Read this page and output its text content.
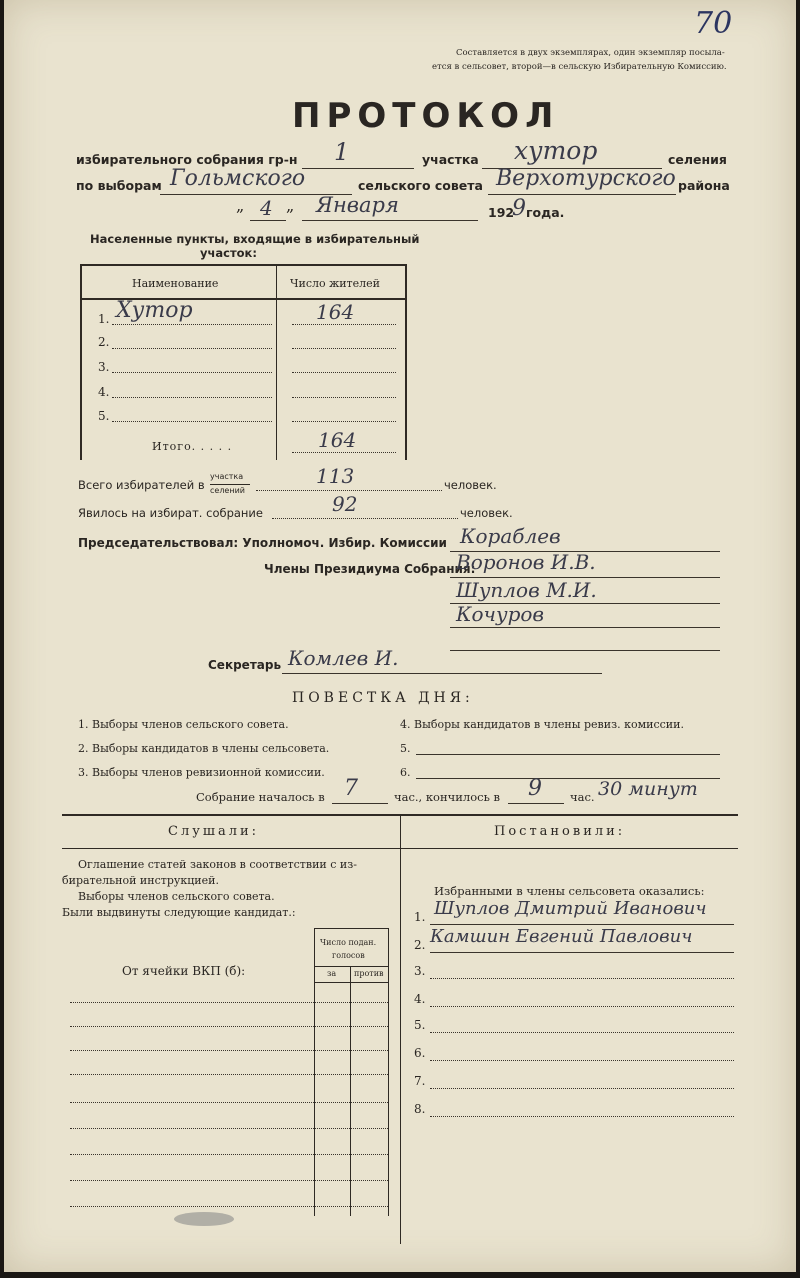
Составляется в двух экземплярах, один экземпляр посыла-
ется в сельсовет, второй—в сельскую Избирательную Комиссию.
70
ПРОТОКОЛ
избирательного собрания гр-н 1	участка хутор	селения
по выборам Гольмского	сельского совета Верхотурского района
„ 4 „ Января	192
9 года.
Населенные пункты, входящие в избирательный
участок:
Наименование	Число жителей
1. Хутор	164
2.
3.
4.
5.
Итого. . . . .	164
Всего избирателей в
участка
селений
113	человек.
Явилось на избират. собрание	92	человек.
Председательствовал: Уполномоч. Избир. Комиссии Кораблев
Члены Президиума Собрания:
Воронов И.В.
Шуплов М.И.
Кочуров
Секретарь Комлев И.
ПОВЕСТКА ДНЯ:
1. Выборы членов сельского совета.
2. Выборы кандидатов в члены сельсовета.
3. Выборы членов ревизионной комиссии.
4. Выборы кандидатов в члены ревиз. комиссии.
5.
6.
Собрание началось в 7	час., кончилось в 9 час. 30 минут
Слушали:	Постановили:
Оглашение статей законов в соответствии с из-
бирательной инструкцией.
Выборы членов сельского совета.
Были выдвинуты следующие кандидат.:
Число подан.
голосов
за против
От ячейки ВКП (б):
Избранными в члены сельсовета оказались:
1. Шуплов Дмитрий Иванович
2. Камшин Евгений Павлович
3.
4.
5.
6.
7.
8.
